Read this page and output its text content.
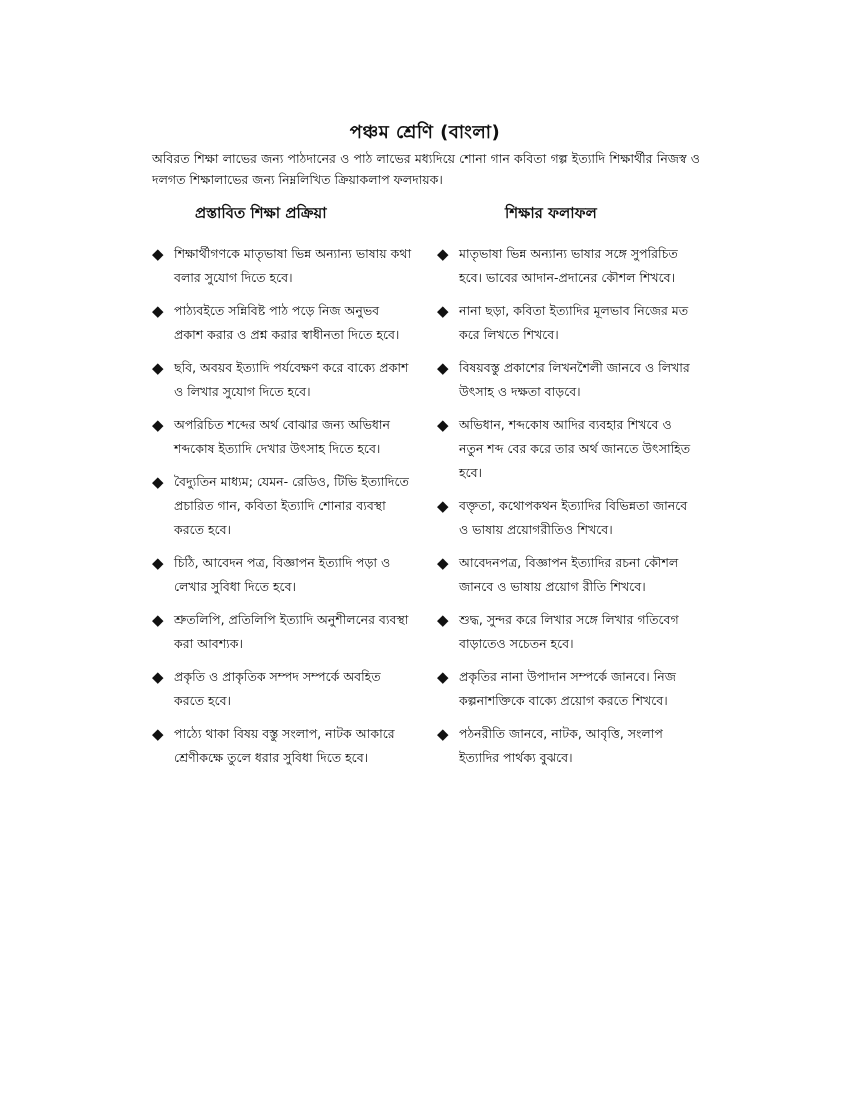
পঞ্চম শ্রেণি (বাংলা)
অবিরত শিক্ষা লাভের জন্য পাঠদানের ও পাঠ লাভের মধ্যদিয়ে শোনা গান কবিতা গল্প ইত্যাদি শিক্ষার্থীর নিজস্ব ও দলগত শিক্ষালাভের জন্য নিম্নলিখিত ক্রিয়াকলাপ ফলদায়ক।
প্রস্তাবিত শিক্ষা প্রক্রিয়া	শিক্ষার ফলাফল
◆ শিক্ষার্থীগণকে মাতৃভাষা ভিন্ন অন্যান্য ভাষায় কথা বলার সুযোগ দিতে হবে।
◆ পাঠ্যবইতে সন্নিবিষ্ট পাঠ পড়ে নিজ অনুভব প্রকাশ করার ও প্রশ্ন করার স্বাধীনতা দিতে হবে।
◆ ছবি, অবয়ব ইত্যাদি পর্যবেক্ষণ করে বাক্যে প্রকাশ ও লিখার সুযোগ দিতে হবে।
◆ অপরিচিত শব্দের অর্থ বোঝার জন্য অভিধান শব্দকোষ ইত্যাদি দেখার উৎসাহ দিতে হবে।
◆ বৈদ্যুতিন মাধ্যম; যেমন- রেডিও, টিভি ইত্যাদিতে প্রচারিত গান, কবিতা ইত্যাদি শোনার ব্যবস্থা করতে হবে।
◆ চিঠি, আবেদন পত্র, বিজ্ঞাপন ইত্যাদি পড়া ও লেখার সুবিধা দিতে হবে।
◆ শ্রুতলিপি, প্রতিলিপি ইত্যাদি অনুশীলনের ব্যবস্থা করা আবশ্যক।
◆ প্রকৃতি ও প্রাকৃতিক সম্পদ সম্পর্কে অবহিত করতে হবে।
◆ পাঠ্যে থাকা বিষয় বস্তু সংলাপ, নাটক আকারে শ্রেণীকক্ষে তুলে ধরার সুবিধা দিতে হবে।
◆ মাতৃভাষা ভিন্ন অন্যান্য ভাষার সঙ্গে সুপরিচিত হবে। ভাবের আদান-প্রদানের কৌশল শিখবে।
◆ নানা ছড়া, কবিতা ইত্যাদির মূলভাব নিজের মত করে লিখতে শিখবে।
◆ বিষয়বস্তু প্রকাশের লিখনশৈলী জানবে ও লিখার উৎসাহ ও দক্ষতা বাড়বে।
◆ অভিধান, শব্দকোষ আদির ব্যবহার শিখবে ও নতুন শব্দ বের করে তার অর্থ জানতে উৎসাহিত হবে।
◆ বক্তৃতা, কথোপকথন ইত্যাদির বিভিন্নতা জানবে ও ভাষায় প্রয়োগরীতিও শিখবে।
◆ আবেদনপত্র, বিজ্ঞাপন ইত্যাদির রচনা কৌশল জানবে ও ভাষায় প্রয়োগ রীতি শিখবে।
◆ শুদ্ধ, সুন্দর করে লিখার সঙ্গে লিখার গতিবেগ বাড়াতেও সচেতন হবে।
◆ প্রকৃতির নানা উপাদান সম্পর্কে জানবে। নিজ কল্পনাশক্তিকে বাক্যে প্রয়োগ করতে শিখবে।
◆ পঠনরীতি জানবে, নাটক, আবৃত্তি, সংলাপ ইত্যাদির পার্থক্য বুঝবে।
